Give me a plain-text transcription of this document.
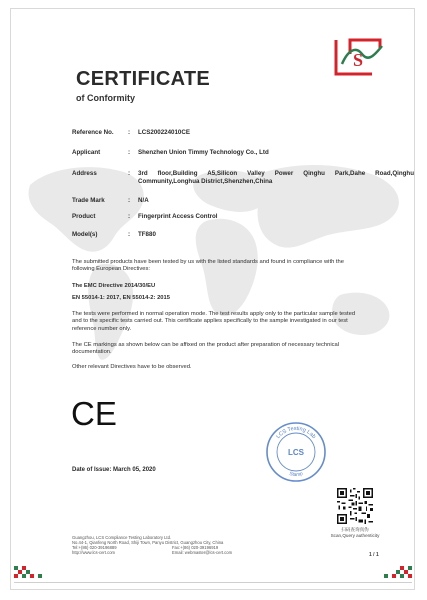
S
CERTIFICATE
of Conformity
Reference No.	: LCS200224010CE
Applicant	: Shenzhen Union Timmy Technology Co., Ltd
Address	: 3rd floor,Building A5,Silicon Valley Power Qinghu Park,Dahe Road,Qinghu Community,Longhua District,Shenzhen,China
Trade Mark	: N/A
Product	: Fingerprint Access Control
Model(s)	: TF880
The submitted products have been tested by us with the listed standards and found in compliance with the following European Directives:
The EMC Directive 2014/30/EU
EN 55014-1: 2017, EN 55014-2: 2015
The tests were performed in normal operation mode. The test results apply only to the particular sample tested and to the specific tests carried out. This certificate applies specifically to the sample investigated in our test reference number only.
The CE markings as shown below can be affixed on the product after preparation of necessary technical documentation.
Other relevant Directives have to be observed.
CE
LCS Testing Lab
Stamp
LCS
Date of Issue: March 05, 2020
扫码查询真伪
Scan,Query authenticity
Guangzhou, LCS Compliance Testing Laboratory Ltd.
No.44-1, Qianfeng North Road, Shiji Town, Panyu District, Guangzhou City, China
Tel:+(86) 020-39196889	Fax:+(86) 020-39196919
http://www.lcs-cert.com	Email: webmaster@lcs-cert.com	1 / 1
